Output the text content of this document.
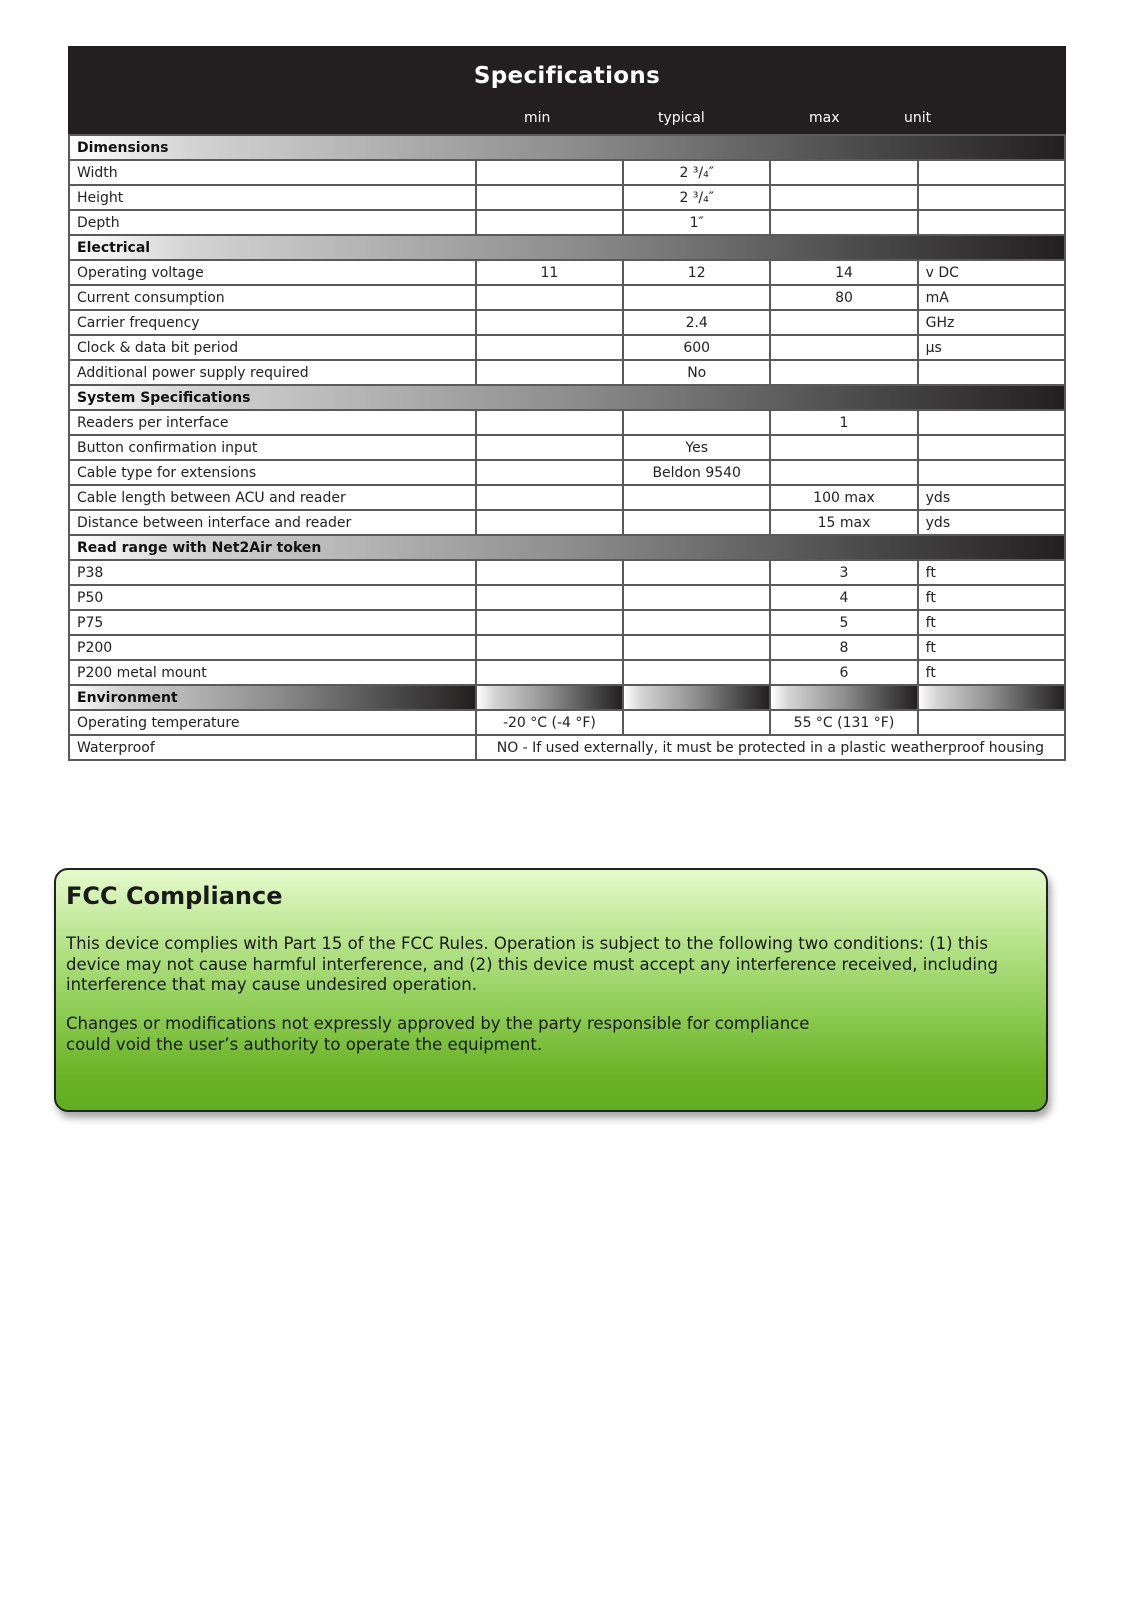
Specifications
min	typical	max	unit
Dimensions				
Width		2 ³/₄″		
Height		2 ³/₄″		
Depth		1″		
Electrical				
Operating voltage	11	12	14	v DC
Current consumption			80	mA
Carrier frequency		2.4		GHz
Clock & data bit period		600		μs
Additional power supply required		No		
System Specifications				
Readers per interface			1	
Button confirmation input		Yes		
Cable type for extensions		Beldon 9540		
Cable length between ACU and reader			100 max	yds
Distance between interface and reader			15 max	yds
Read range with Net2Air token				
P38			3	ft
P50			4	ft
P75			5	ft
P200			8	ft
P200 metal mount			6	ft
Environment				
Operating temperature	-20 °C (-4 °F)		55 °C (131 °F)	
Waterproof	NO - If used externally, it must be protected in a plastic weatherproof housing			
FCC Compliance
This device complies with Part 15 of the FCC Rules. Operation is subject to the following two conditions: (1) this device may not cause harmful interference, and (2) this device must accept any interference received, including interference that may cause undesired operation.
Changes or modifications not expressly approved by the party responsible for compliance
could void the user’s authority to operate the equipment.
